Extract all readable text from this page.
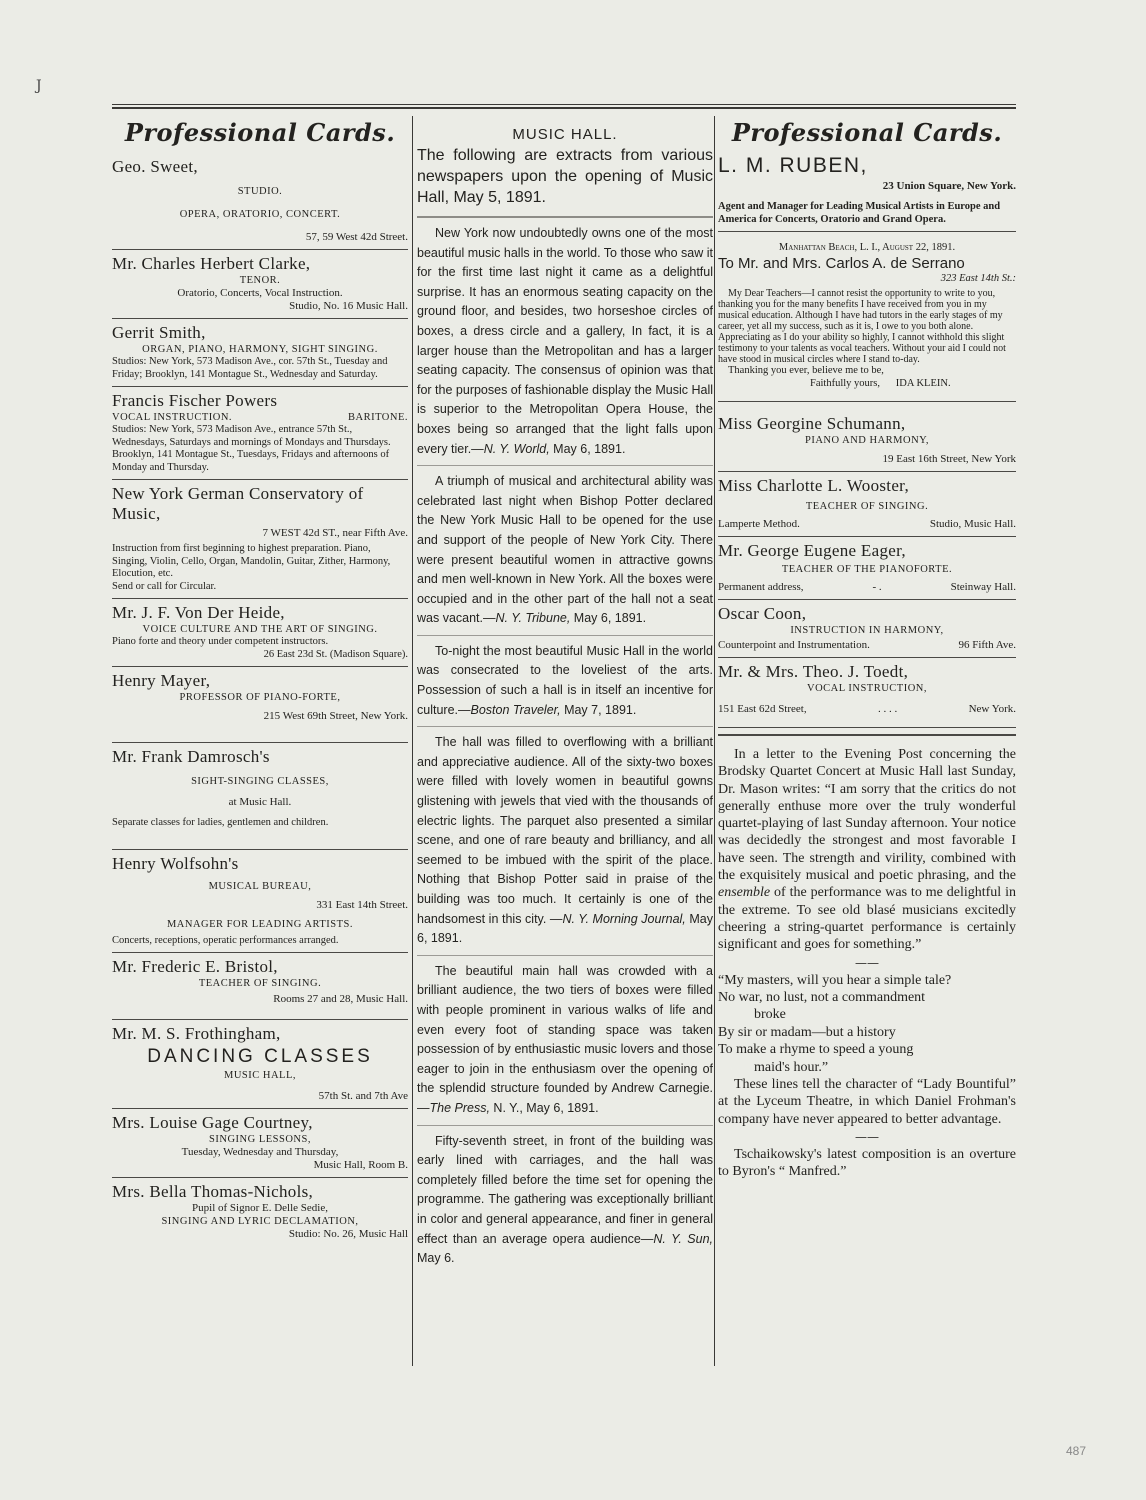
J
Professional Cards.
Geo. Sweet,
STUDIO.
OPERA, ORATORIO, CONCERT.
57, 59 West 42d Street.
Mr. Charles Herbert Clarke,
TENOR.
Oratorio, Concerts, Vocal Instruction.
Studio, No. 16 Music Hall.
Gerrit Smith,
ORGAN, PIANO, HARMONY, SIGHT SINGING.
Studios: New York, 573 Madison Ave., cor. 57th St., Tuesday and Friday; Brooklyn, 141 Montague St., Wednesday and Saturday.
Francis Fischer Powers
VOCAL INSTRUCTION.	BARITONE.
Studios: New York, 573 Madison Ave., entrance 57th St., Wednesdays, Saturdays and mornings of Mondays and Thursdays. Brooklyn, 141 Montague St., Tuesdays, Fridays and afternoons of Monday and Thursday.
New York German Conservatory of Music,
7 WEST 42d ST., near Fifth Ave.
Instruction from first beginning to highest preparation. Piano, Singing, Violin, Cello, Organ, Mandolin, Guitar, Zither, Harmony, Elocution, etc.
Send or call for Circular.
Mr. J. F. Von Der Heide,
VOICE CULTURE AND THE ART OF SINGING.
Piano forte and theory under competent instructors.
26 East 23d St. (Madison Square).
Henry Mayer,
PROFESSOR OF PIANO-FORTE,
215 West 69th Street, New York.
Mr. Frank Damrosch's
SIGHT-SINGING CLASSES,
at Music Hall.
Separate classes for ladies, gentlemen and children.
Henry Wolfsohn's
MUSICAL BUREAU,
331 East 14th Street.
MANAGER FOR LEADING ARTISTS.
Concerts, receptions, operatic performances arranged.
Mr. Frederic E. Bristol,
TEACHER OF SINGING.
Rooms 27 and 28, Music Hall.
Mr. M. S. Frothingham,
DANCING CLASSES
MUSIC HALL,
57th St. and 7th Ave
Mrs. Louise Gage Courtney,
SINGING LESSONS,
Tuesday, Wednesday and Thursday,
Music Hall, Room B.
Mrs. Bella Thomas-Nichols,
Pupil of Signor E. Delle Sedie,
SINGING AND LYRIC DECLAMATION,
Studio: No. 26, Music Hall
MUSIC HALL.

The following are extracts from various newspapers upon the opening of Music Hall, May 5, 1891.

New York now undoubtedly owns one of the most beautiful music halls in the world. To those who saw it for the first time last night it came as a delightful surprise. It has an enormous seating capacity on the ground floor, and besides, two horseshoe circles of boxes, a dress circle and a gallery, In fact, it is a larger house than the Metropolitan and has a larger seating capacity. The consensus of opinion was that for the purposes of fashionable display the Music Hall is superior to the Metropolitan Opera House, the boxes being so arranged that the light falls upon every tier.—N. Y. World, May 6, 1891.

A triumph of musical and architectural ability was celebrated last night when Bishop Potter declared the New York Music Hall to be opened for the use and support of the people of New York City. There were present beautiful women in attractive gowns and men well-known in New York. All the boxes were occupied and in the other part of the hall not a seat was vacant.—N. Y. Tribune, May 6, 1891.

To-night the most beautiful Music Hall in the world was consecrated to the loveliest of the arts. Possession of such a hall is in itself an incentive for culture.—Boston Traveler, May 7, 1891.

The hall was filled to overflowing with a brilliant and appreciative audience. All of the sixty-two boxes were filled with lovely women in beautiful gowns glistening with jewels that vied with the thousands of electric lights. The parquet also presented a similar scene, and one of rare beauty and brilliancy, and all seemed to be imbued with the spirit of the place. Nothing that Bishop Potter said in praise of the building was too much. It certainly is one of the handsomest in this city. —N. Y. Morning Journal, May 6, 1891.

The beautiful main hall was crowded with a brilliant audience, the two tiers of boxes were filled with people prominent in various walks of life and even every foot of standing space was taken possession of by enthusiastic music lovers and those eager to join in the enthusiasm over the opening of the splendid structure founded by Andrew Carnegie.—The Press, N. Y., May 6, 1891.

Fifty-seventh street, in front of the building was early lined with carriages, and the hall was completely filled before the time set for opening the programme. The gathering was exceptionally brilliant in color and general appearance, and finer in general effect than an average opera audience—N. Y. Sun, May 6.

Professional Cards.
L. M. RUBEN,
23 Union Square, New York.
Agent and Manager for Leading Musical Artists in Europe and America for Concerts, Oratorio and Grand Opera.
Manhattan Beach, L. I., August 22, 1891.
To Mr. and Mrs. Carlos A. de Serrano
323 East 14th St.:

My Dear Teachers—I cannot resist the opportunity to write to you, thanking you for the many benefits I have received from you in my musical education. Although I have had tutors in the early stages of my career, yet all my success, such as it is, I owe to you both alone. Appreciating as I do your ability so highly, I cannot withhold this slight testimony to your talents as vocal teachers. Without your aid I could not have stood in musical circles where I stand to-day.

Thanking you ever, believe me to be,

Faithfully yours, IDA KLEIN.
Miss Georgine Schumann,
PIANO AND HARMONY,
19 East 16th Street, New York
Miss Charlotte L. Wooster,
TEACHER OF SINGING.
Lamperte Method.	Studio, Music Hall.
Mr. George Eugene Eager,
TEACHER OF THE PIANOFORTE.
Permanent address,	- .	Steinway Hall.
Oscar Coon,
INSTRUCTION IN HARMONY,
Counterpoint and Instrumentation.	96 Fifth Ave.
Mr. & Mrs. Theo. J. Toedt,
VOCAL INSTRUCTION,
151 East 62d Street,	. . . .	New York.

In a letter to the Evening Post concerning the Brodsky Quartet Concert at Music Hall last Sunday, Dr. Mason writes: “I am sorry that the critics do not generally enthuse more over the truly wonderful quartet-playing of last Sunday afternoon. Your notice was decidedly the strongest and most favorable I have seen. The strength and virility, combined with the exquisitely musical and poetic phrasing, and the ensemble of the performance was to me delightful in the extreme. To see old blasé musicians excitedly cheering a string-quartet performance is certainly significant and goes for something.”

——
“My masters, will you hear a simple tale?
No war, no lust, not a commandment
broke
By sir or madam—but a history
To make a rhyme to speed a young
maid's hour.”

These lines tell the character of “Lady Bountiful” at the Lyceum Theatre, in which Daniel Frohman's company have never appeared to better advantage.

——

Tschaikowsky's latest composition is an overture to Byron's “ Manfred.”

487
